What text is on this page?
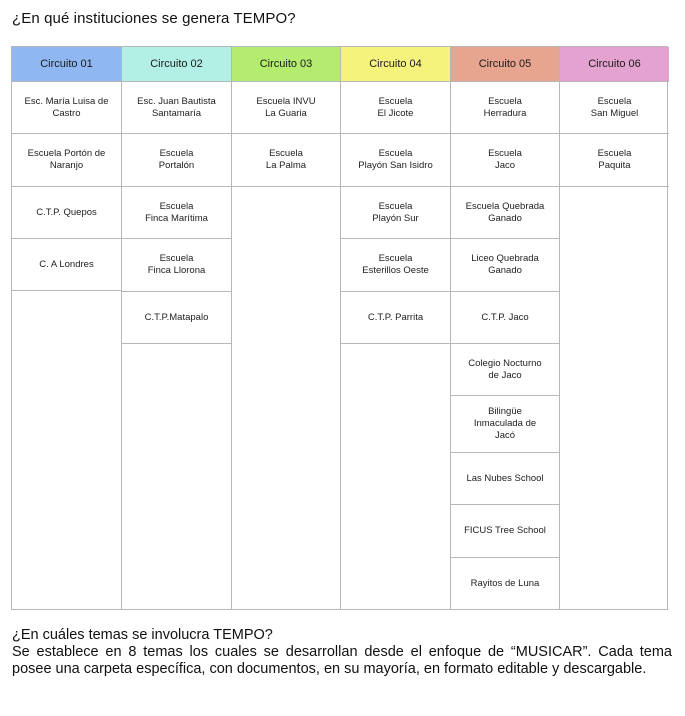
¿En qué instituciones se genera TEMPO?
Circuito 01
Esc. María Luisa de
Castro
Escuela Portón de
Naranjo
C.T.P. Quepos
C. A Londres
Circuito 02
Esc. Juan Bautista
Santamaría
Escuela
Portalón
Escuela
Finca Marítima
Escuela
Finca Llorona
C.T.P.Matapalo
Circuito 03
Escuela INVU
La Guaria
Escuela
La Palma
Circuito 04
Escuela
El Jicote
Escuela
Playón San Isidro
Escuela
Playón Sur
Escuela
Esterillos Oeste
C.T.P. Parrita
Circuito 05
Escuela
Herradura
Escuela
Jaco
Escuela Quebrada
Ganado
Liceo Quebrada
Ganado
C.T.P. Jaco
Colegio Nocturno
de Jaco
Bilingüe
Inmaculada de
Jacó
Las Nubes School
FICUS Tree School
Rayitos de Luna
Circuito 06
Escuela
San Miguel
Escuela
Paquita

¿En cuáles temas se involucra TEMPO?

Se establece en 8 temas los cuales se desarrollan desde el enfoque de “MUSICAR”. Cada tema posee una carpeta específica, con documentos, en su mayoría, en formato editable y descargable.
